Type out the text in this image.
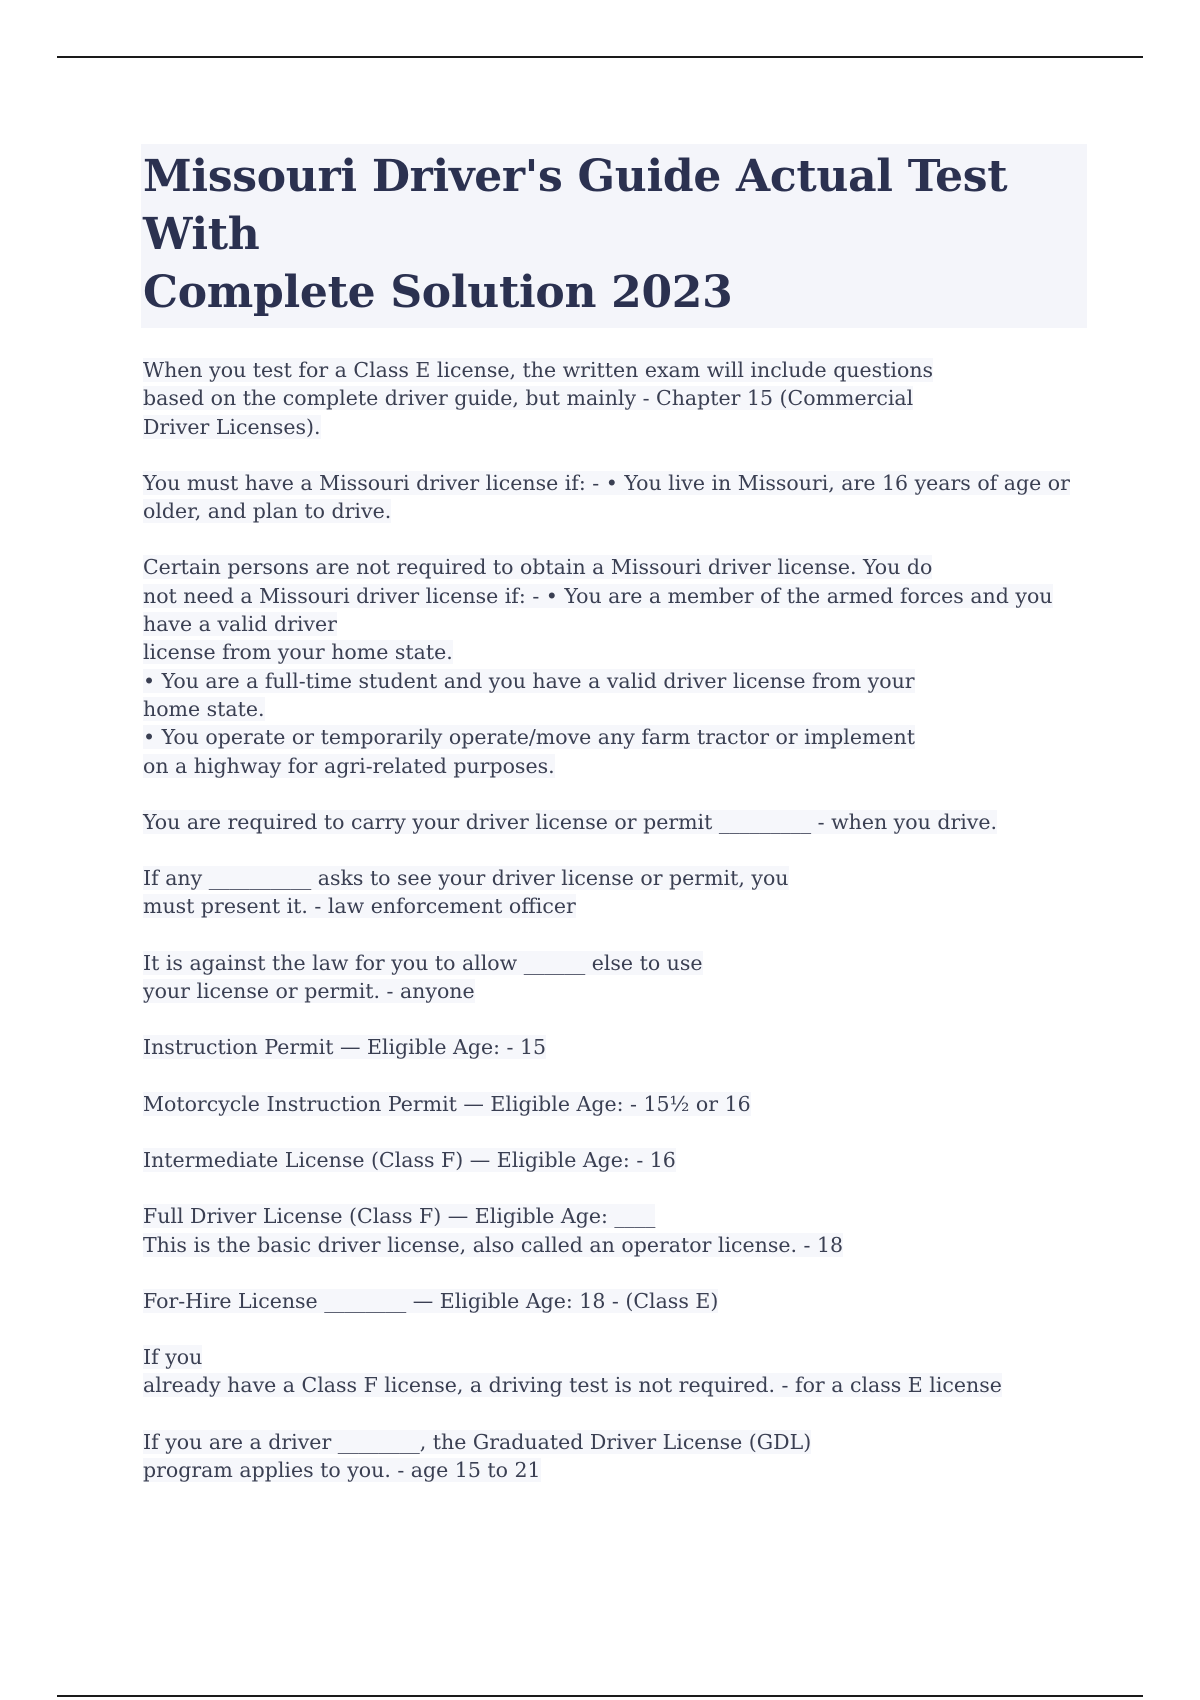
Missouri Driver's Guide Actual Test With
Complete Solution 2023

When you test for a Class E license, the written exam will include questions
based on the complete driver guide, but mainly - Chapter 15 (Commercial
Driver Licenses).

You must have a Missouri driver license if: - • You live in Missouri, are 16 years of age or
older, and plan to drive.

Certain persons are not required to obtain a Missouri driver license. You do
not need a Missouri driver license if: - • You are a member of the armed forces and you
have a valid driver
license from your home state.
• You are a full-time student and you have a valid driver license from your
home state.
• You operate or temporarily operate/move any farm tractor or implement
on a highway for agri-related purposes.

You are required to carry your driver license or permit _________ - when you drive.

If any __________ asks to see your driver license or permit, you
must present it. - law enforcement officer

It is against the law for you to allow ______ else to use
your license or permit. - anyone

Instruction Permit — Eligible Age: - 15

Motorcycle Instruction Permit — Eligible Age: - 15½ or 16

Intermediate License (Class F) — Eligible Age: - 16

Full Driver License (Class F) — Eligible Age: ____
This is the basic driver license, also called an operator license. - 18

For-Hire License ________ — Eligible Age: 18 - (Class E)

If you
already have a Class F license, a driving test is not required. - for a class E license

If you are a driver ________, the Graduated Driver License (GDL)
program applies to you. - age 15 to 21
